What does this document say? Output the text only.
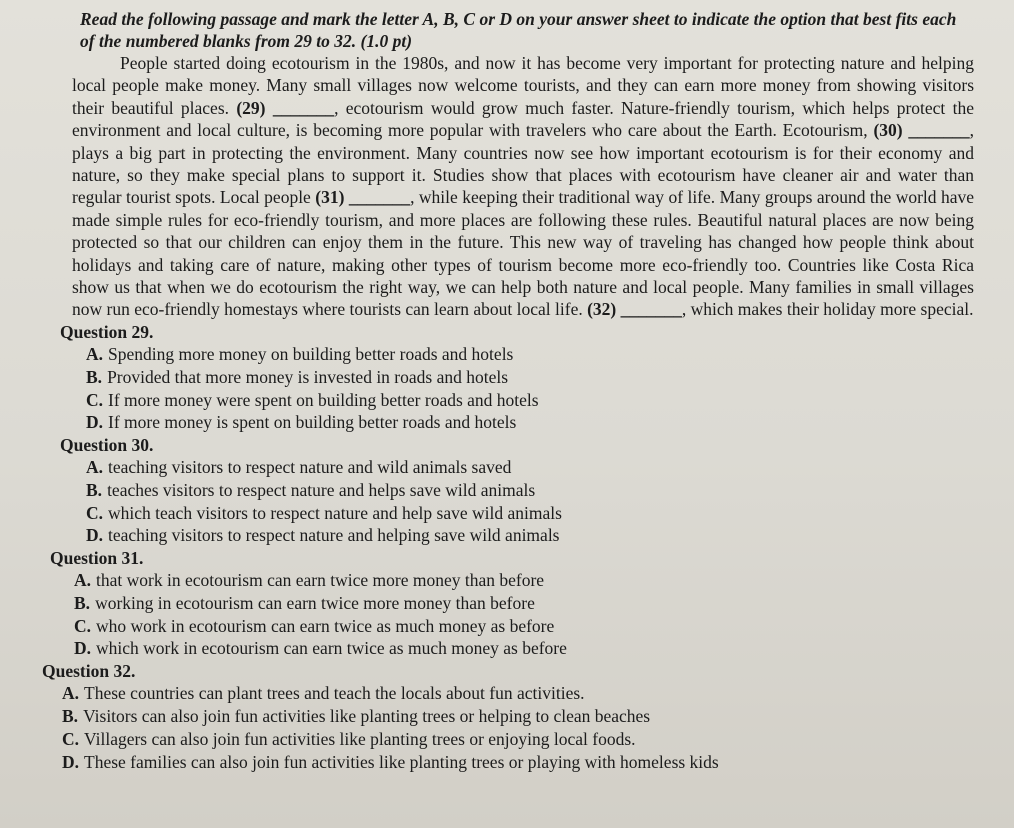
Read the following passage and mark the letter A, B, C or D on your answer sheet to indicate the option that best fits each of the numbered blanks from 29 to 32. (1.0 pt)

People started doing ecotourism in the 1980s, and now it has become very important for protecting nature and helping local people make money. Many small villages now welcome tourists, and they can earn more money from showing visitors their beautiful places. (29) _______, ecotourism would grow much faster. Nature-friendly tourism, which helps protect the environment and local culture, is becoming more popular with travelers who care about the Earth. Ecotourism, (30) _______, plays a big part in protecting the environment. Many countries now see how important ecotourism is for their economy and nature, so they make special plans to support it. Studies show that places with ecotourism have cleaner air and water than regular tourist spots. Local people (31) _______, while keeping their traditional way of life. Many groups around the world have made simple rules for eco-friendly tourism, and more places are following these rules. Beautiful natural places are now being protected so that our children can enjoy them in the future. This new way of traveling has changed how people think about holidays and taking care of nature, making other types of tourism become more eco-friendly too. Countries like Costa Rica show us that when we do ecotourism the right way, we can help both nature and local people. Many families in small villages now run eco-friendly homestays where tourists can learn about local life. (32) _______, which makes their holiday more special.

Question 29.
A. Spending more money on building better roads and hotels
B. Provided that more money is invested in roads and hotels
C. If more money were spent on building better roads and hotels
D. If more money is spent on building better roads and hotels
Question 30.
A. teaching visitors to respect nature and wild animals saved
B. teaches visitors to respect nature and helps save wild animals
C. which teach visitors to respect nature and help save wild animals
D. teaching visitors to respect nature and helping save wild animals
Question 31.
A. that work in ecotourism can earn twice more money than before
B. working in ecotourism can earn twice more money than before
C. who work in ecotourism can earn twice as much money as before
D. which work in ecotourism can earn twice as much money as before
Question 32.
A. These countries can plant trees and teach the locals about fun activities.
B. Visitors can also join fun activities like planting trees or helping to clean beaches
C. Villagers can also join fun activities like planting trees or enjoying local foods.
D. These families can also join fun activities like planting trees or playing with homeless kids
